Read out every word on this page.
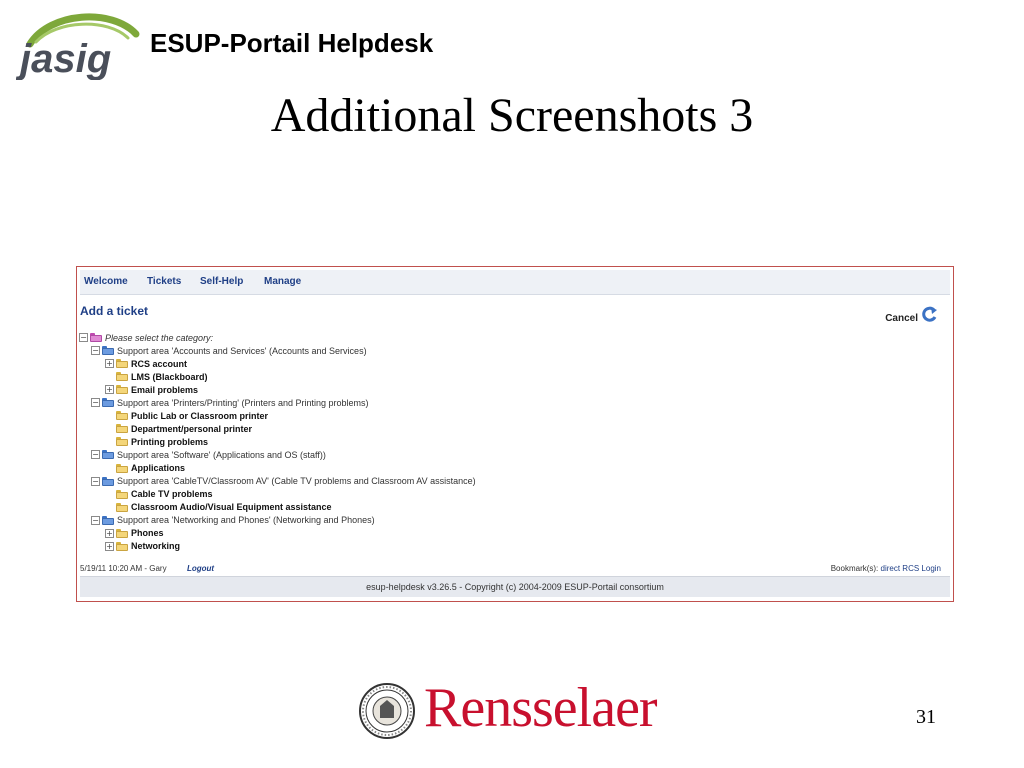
jasig ESUP-Portail Helpdesk
Additional Screenshots 3
Welcome Tickets Self-Help Manage
Add a ticket
Cancel
− Please select the category:
− Support area 'Accounts and Services' (Accounts and Services)
+ RCS account
LMS (Blackboard)
+ Email problems
− Support area 'Printers/Printing' (Printers and Printing problems)
Public Lab or Classroom printer
Department/personal printer
Printing problems
− Support area 'Software' (Applications and OS (staff))
Applications
− Support area 'CableTV/Classroom AV' (Cable TV problems and Classroom AV assistance)
Cable TV problems
Classroom Audio/Visual Equipment assistance
− Support area 'Networking and Phones' (Networking and Phones)
+ Phones
+ Networking
5/19/11 10:20 AM - Gary	Logout	Bookmark(s): direct RCS Login
esup-helpdesk v3.26.5 - Copyright (c) 2004-2009 ESUP-Portail consortium
Rensselaer	31
